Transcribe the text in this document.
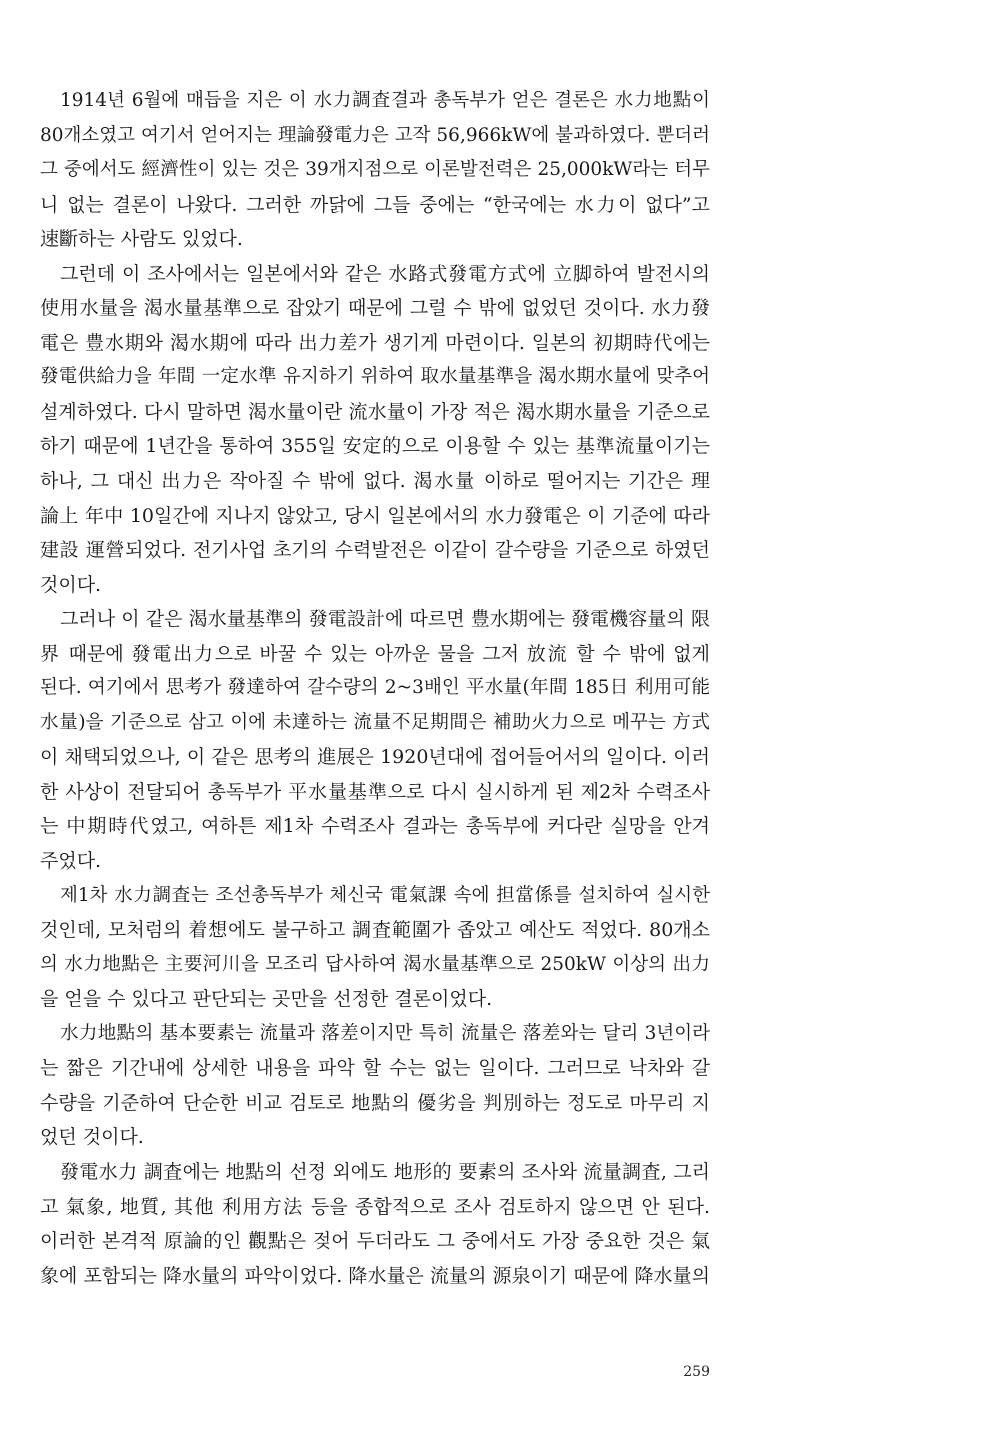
1914년 6월에 매듭을 지은 이 水力調査결과 총독부가 얻은 결론은 水力地點이
80개소였고 여기서 얻어지는 理論發電力은 고작 56,966kW에 불과하였다. 뿐더러
그 중에서도 經濟性이 있는 것은 39개지점으로 이론발전력은 25,000kW라는 터무
니 없는 결론이 나왔다. 그러한 까닭에 그들 중에는 “한국에는 水力이 없다”고
速斷하는 사람도 있었다.
그런데 이 조사에서는 일본에서와 같은 水路式發電方式에 立脚하여 발전시의
使用水量을 渴水量基準으로 잡았기 때문에 그럴 수 밖에 없었던 것이다. 水力發
電은 豊水期와 渴水期에 따라 出力差가 생기게 마련이다. 일본의 初期時代에는
發電供給力을 年間 一定水準 유지하기 위하여 取水量基準을 渴水期水量에 맞추어
설계하였다. 다시 말하면 渴水量이란 流水量이 가장 적은 渴水期水量을 기준으로
하기 때문에 1년간을 통하여 355일 安定的으로 이용할 수 있는 基準流量이기는
하나, 그 대신 出力은 작아질 수 밖에 없다. 渴水量 이하로 떨어지는 기간은 理
論上 年中 10일간에 지나지 않았고, 당시 일본에서의 水力發電은 이 기준에 따라
建設 運營되었다. 전기사업 초기의 수력발전은 이같이 갈수량을 기준으로 하였던
것이다.
그러나 이 같은 渴水量基準의 發電設計에 따르면 豊水期에는 發電機容量의 限
界 때문에 發電出力으로 바꿀 수 있는 아까운 물을 그저 放流 할 수 밖에 없게
된다. 여기에서 思考가 發達하여 갈수량의 2~3배인 平水量(年間 185日 利用可能
水量)을 기준으로 삼고 이에 未達하는 流量不足期間은 補助火力으로 메꾸는 方式
이 채택되었으나, 이 같은 思考의 進展은 1920년대에 접어들어서의 일이다. 이러
한 사상이 전달되어 총독부가 平水量基準으로 다시 실시하게 된 제2차 수력조사
는 中期時代였고, 여하튼 제1차 수력조사 결과는 총독부에 커다란 실망을 안겨
주었다.
제1차 水力調査는 조선총독부가 체신국 電氣課 속에 担當係를 설치하여 실시한
것인데, 모처럼의 着想에도 불구하고 調査範圍가 좁았고 예산도 적었다. 80개소
의 水力地點은 主要河川을 모조리 답사하여 渴水量基準으로 250kW 이상의 出力
을 얻을 수 있다고 판단되는 곳만을 선정한 결론이었다.
水力地點의 基本要素는 流量과 落差이지만 특히 流量은 落差와는 달리 3년이라
는 짧은 기간내에 상세한 내용을 파악 할 수는 없는 일이다. 그러므로 낙차와 갈
수량을 기준하여 단순한 비교 검토로 地點의 優劣을 判別하는 정도로 마무리 지
었던 것이다.
發電水力 調査에는 地點의 선정 외에도 地形的 要素의 조사와 流量調査, 그리
고 氣象, 地質, 其他 利用方法 등을 종합적으로 조사 검토하지 않으면 안 된다.
이러한 본격적 原論的인 觀點은 젖어 두더라도 그 중에서도 가장 중요한 것은 氣
象에 포함되는 降水量의 파악이었다. 降水量은 流量의 源泉이기 때문에 降水量의
259
